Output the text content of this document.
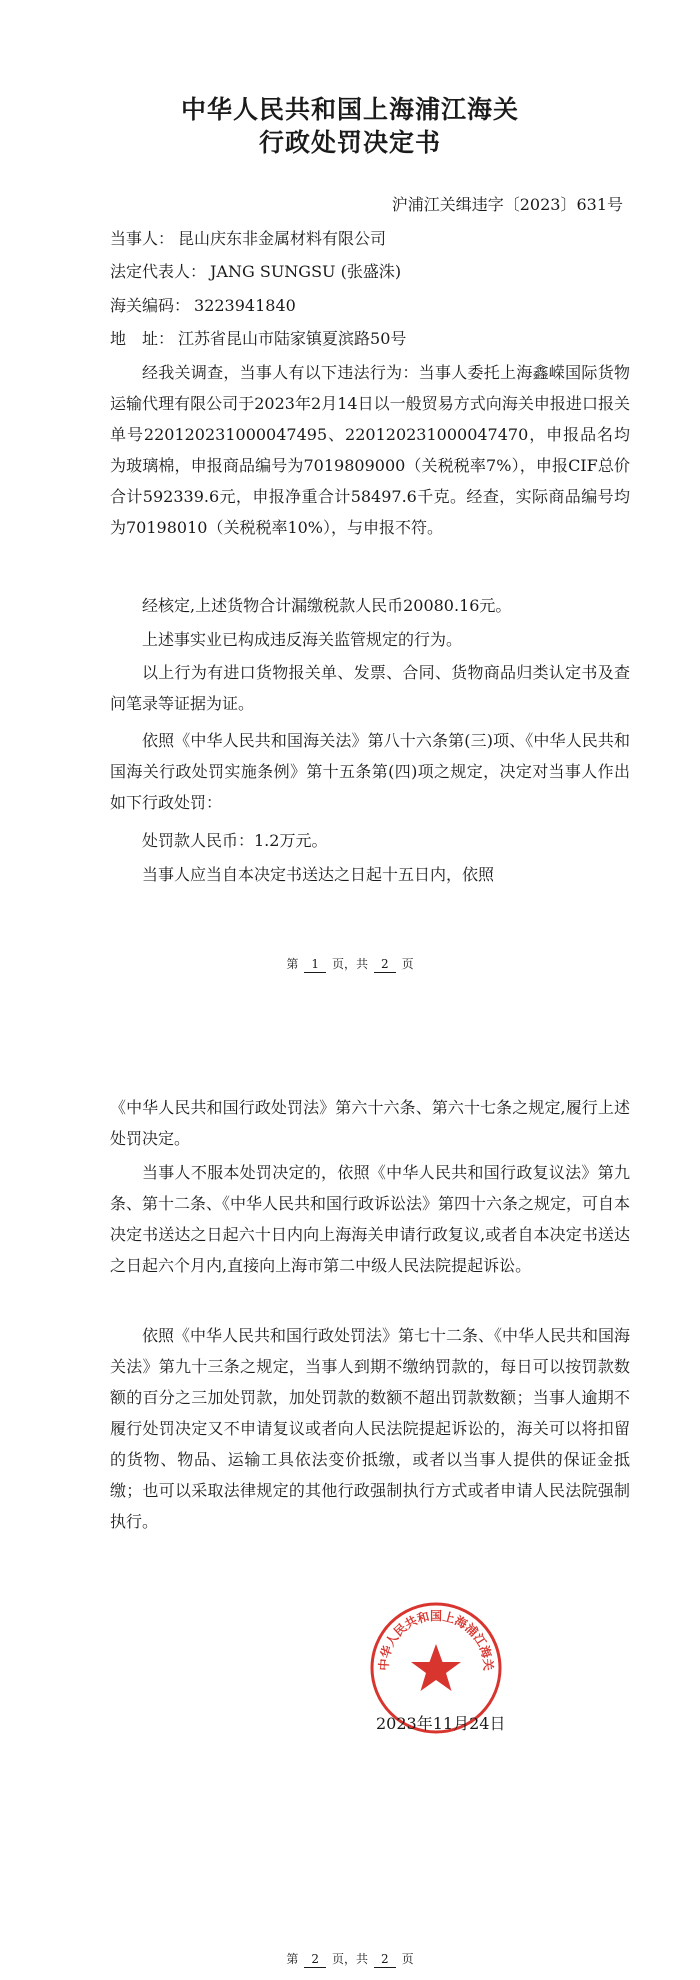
中华人民共和国上海浦江海关
行政处罚决定书
沪浦江关缉违字〔2023〕631号
当事人： 昆山庆东非金属材料有限公司
法定代表人： JANG SUNGSU (张盛洙)
海关编码： 3223941840
地　址： 江苏省昆山市陆家镇夏滨路50号

经我关调查，当事人有以下违法行为：当事人委托上海鑫嵘国际货物运输代理有限公司于2023年2月14日以一般贸易方式向海关申报进口报关单号220120231000047495、220120231000047470，申报品名均为玻璃棉，申报商品编号为7019809000（关税税率7%），申报CIF总价合计592339.6元，申报净重合计58497.6千克。经查，实际商品编号均为70198010（关税税率10%），与申报不符。

经核定,上述货物合计漏缴税款人民币20080.16元。

上述事实业已构成违反海关监管规定的行为。

以上行为有进口货物报关单、发票、合同、货物商品归类认定书及查问笔录等证据为证。

依照《中华人民共和国海关法》第八十六条第(三)项、《中华人民共和国海关行政处罚实施条例》第十五条第(四)项之规定，决定对当事人作出如下行政处罚：

处罚款人民币：1.2万元。

当事人应当自本决定书送达之日起十五日内，依照

第 1 页，共 2 页

《中华人民共和国行政处罚法》第六十六条、第六十七条之规定,履行上述处罚决定。

当事人不服本处罚决定的，依照《中华人民共和国行政复议法》第九条、第十二条、《中华人民共和国行政诉讼法》第四十六条之规定，可自本决定书送达之日起六十日内向上海海关申请行政复议,或者自本决定书送达之日起六个月内,直接向上海市第二中级人民法院提起诉讼。

依照《中华人民共和国行政处罚法》第七十二条、《中华人民共和国海关法》第九十三条之规定，当事人到期不缴纳罚款的，每日可以按罚款数额的百分之三加处罚款，加处罚款的数额不超出罚款数额；当事人逾期不履行处罚决定又不申请复议或者向人民法院提起诉讼的，海关可以将扣留的货物、物品、运输工具依法变价抵缴，或者以当事人提供的保证金抵缴；也可以采取法律规定的其他行政强制执行方式或者申请人民法院强制执行。

中华人民共和国上海浦江海关
2023年11月24日
第 2 页，共 2 页
